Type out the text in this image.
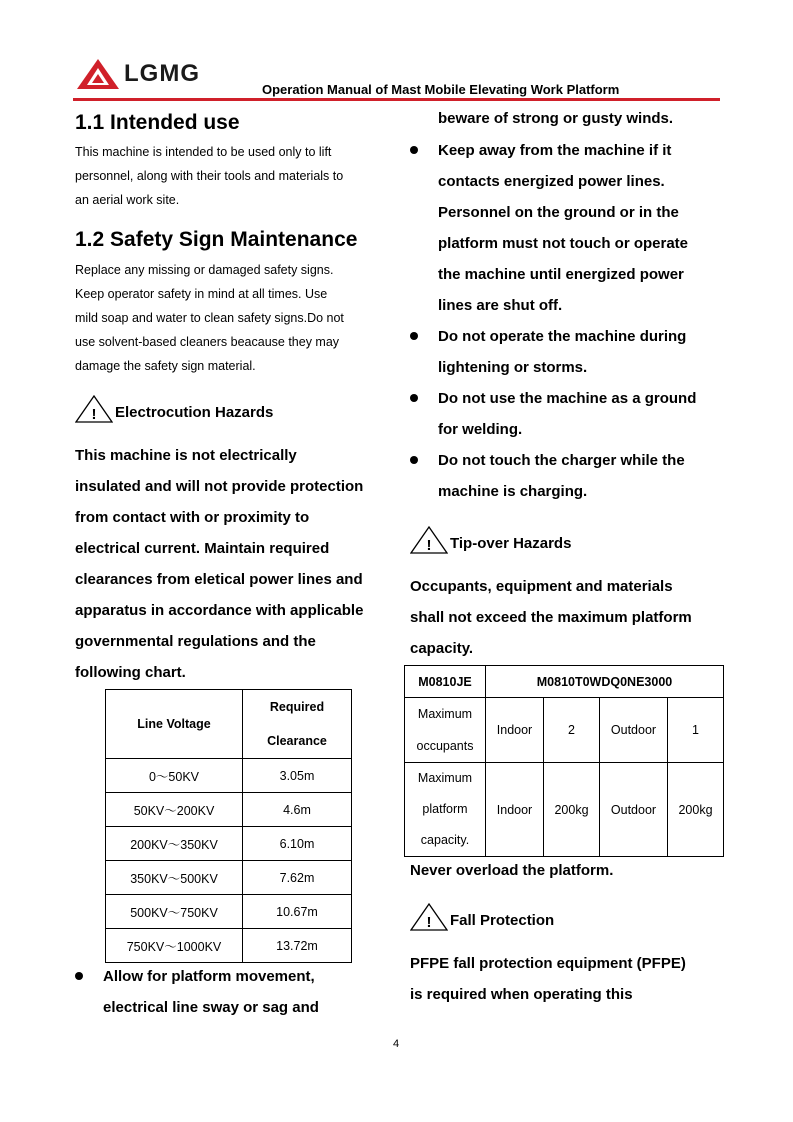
LGMG
Operation Manual of Mast Mobile Elevating Work Platform
1.1 Intended use
This machine is intended to be used only to lift
personnel, along with their tools and materials to
an aerial work site.
1.2 Safety Sign Maintenance
Replace any missing or damaged safety signs.
Keep operator safety in mind at all times. Use
mild soap and water to clean safety signs.Do not
use solvent-based cleaners beacause they may
damage the safety sign material.
! Electrocution Hazards
This machine is not electrically
insulated and will not provide protection
from contact with or proximity to
electrical current. Maintain required
clearances from eletical power lines and
apparatus in accordance with applicable
governmental regulations and the
following chart.
Line Voltage	Required
Clearance

0～50KV	3.05m
50KV～200KV	4.6m
200KV～350KV	6.10m
350KV～500KV	7.62m
500KV～750KV	10.67m
750KV～1000KV	13.72m
Allow for platform movement,
electrical line sway or sag and
beware of strong or gusty winds.
Keep away from the machine if it
contacts energized power lines.
Personnel on the ground or in the
platform must not touch or operate
the machine until energized power
lines are shut off.
Do not operate the machine during
lightening or storms.
Do not use the machine as a ground
for welding.
Do not touch the charger while the
machine is charging.
! Tip-over Hazards
Occupants, equipment and materials
shall not exceed the maximum platform
capacity.
M0810JE	M0810T0WDQ0NE3000			

Maximum
occupants	Indoor	2	Outdoor	1

Maximum
platform
capacity.	Indoor	200kg	Outdoor	200kg
Never overload the platform.
! Fall Protection
PFPE fall protection equipment (PFPE)
is required when operating this
4
